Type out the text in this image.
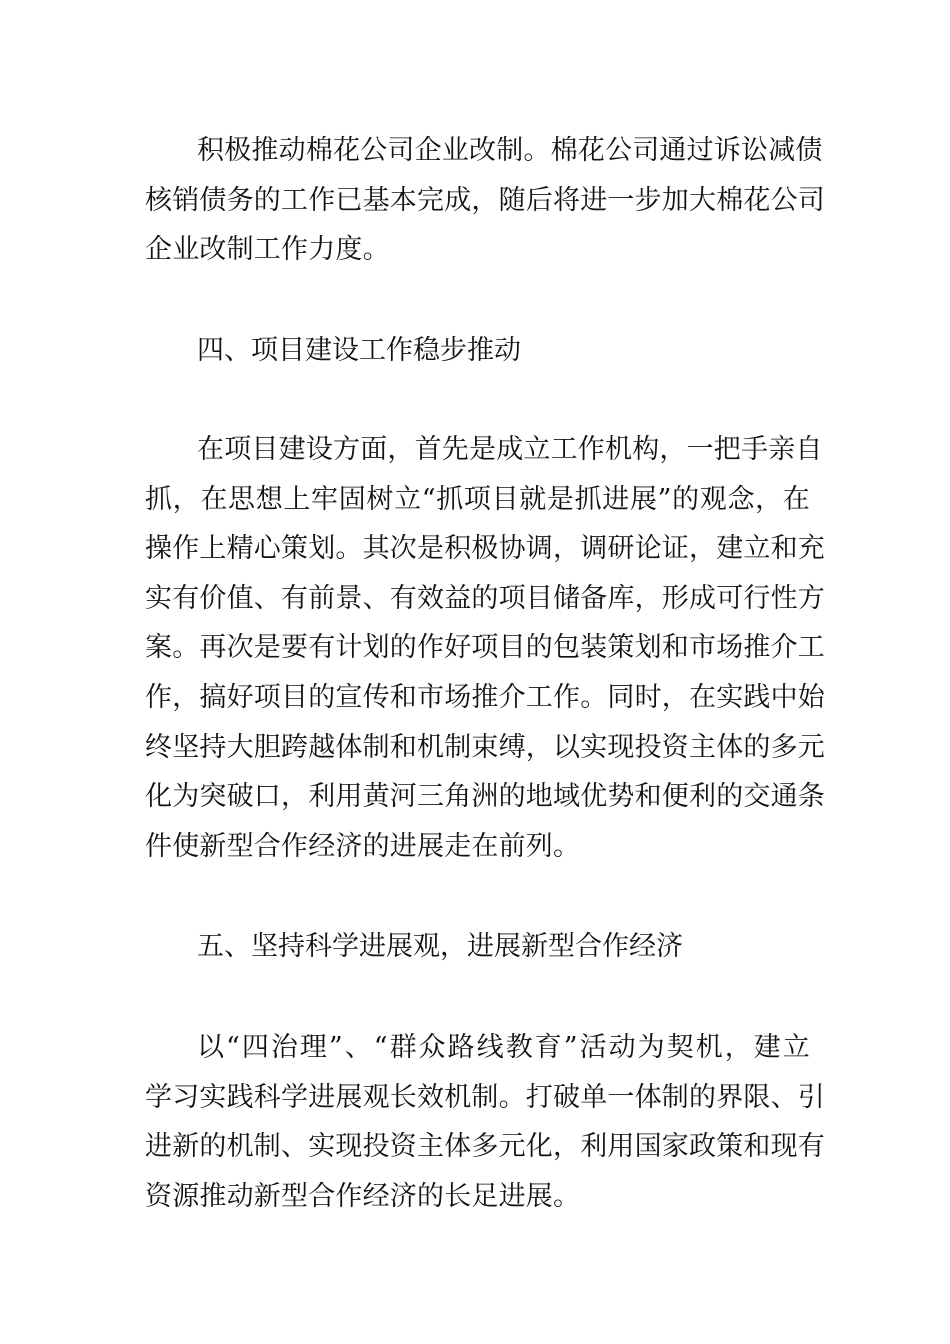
积极推动棉花公司企业改制。棉花公司通过诉讼减债
核销债务的工作已基本完成，随后将进一步加大棉花公司
企业改制工作力度。
四、项目建设工作稳步推动
在项目建设方面，首先是成立工作机构，一把手亲自
抓，在思想上牢固树立“抓项目就是抓进展”的观念，在
操作上精心策划。其次是积极协调，调研论证，建立和充
实有价值、有前景、有效益的项目储备库，形成可行性方
案。再次是要有计划的作好项目的包装策划和市场推介工
作，搞好项目的宣传和市场推介工作。同时，在实践中始
终坚持大胆跨越体制和机制束缚，以实现投资主体的多元
化为突破口，利用黄河三角洲的地域优势和便利的交通条
件使新型合作经济的进展走在前列。
五、坚持科学进展观，进展新型合作经济
以“四治理”、“群众路线教育”活动为契机，建立
学习实践科学进展观长效机制。打破单一体制的界限、引
进新的机制、实现投资主体多元化，利用国家政策和现有
资源推动新型合作经济的长足进展。
